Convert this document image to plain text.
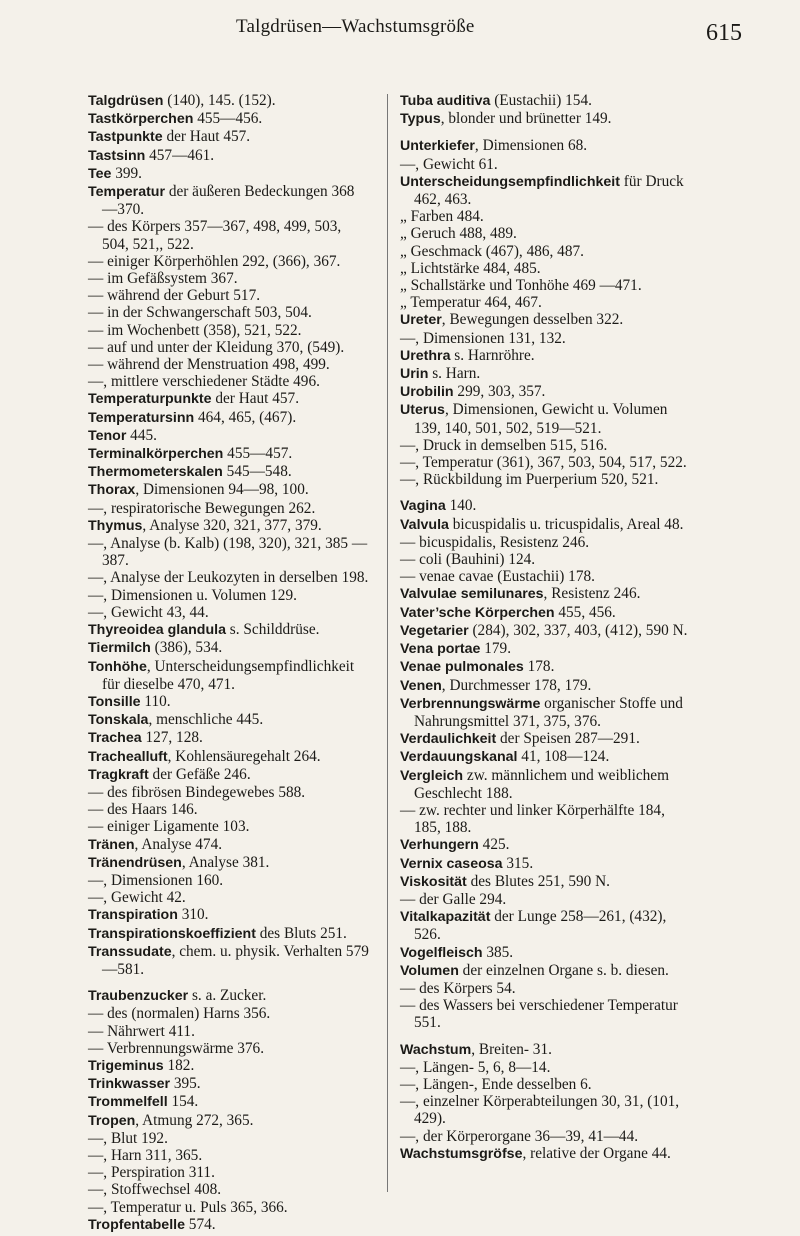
Talgdrüsen—Wachstumsgröße	615
Talgdrüsen (140), 145. (152).
Tastkörperchen 455—456.
Tastpunkte der Haut 457.
Tastsinn 457—461.
Tee 399.
Temperatur der äußeren Bedeckungen 368 —370.
— des Körpers 357—367, 498, 499, 503, 504, 521,, 522.
— einiger Körperhöhlen 292, (366), 367.
— im Gefäßsystem 367.
— während der Geburt 517.
— in der Schwangerschaft 503, 504.
— im Wochenbett (358), 521, 522.
— auf und unter der Kleidung 370, (549).
— während der Menstruation 498, 499.
—, mittlere verschiedener Städte 496.
Temperaturpunkte der Haut 457.
Temperatursinn 464, 465, (467).
Tenor 445.
Terminalkörperchen 455—457.
Thermometerskalen 545—548.
Thorax, Dimensionen 94—98, 100.
—, respiratorische Bewegungen 262.
Thymus, Analyse 320, 321, 377, 379.
—, Analyse (b. Kalb) (198, 320), 321, 385 —387.
—, Analyse der Leukozyten in derselben 198.
—, Dimensionen u. Volumen 129.
—, Gewicht 43, 44.
Thyreoidea glandula s. Schilddrüse.
Tiermilch (386), 534.
Tonhöhe, Unterscheidungsempfindlichkeit für dieselbe 470, 471.
Tonsille 110.
Tonskala, menschliche 445.
Trachea 127, 128.
Trachealluft, Kohlensäuregehalt 264.
Tragkraft der Gefäße 246.
— des fibrösen Bindegewebes 588.
— des Haars 146.
— einiger Ligamente 103.
Tränen, Analyse 474.
Tränendrüsen, Analyse 381.
—, Dimensionen 160.
—, Gewicht 42.
Transpiration 310.
Transpirationskoeffizient des Bluts 251.
Transsudate, chem. u. physik. Verhalten 579—581.
Traubenzucker s. a. Zucker.
— des (normalen) Harns 356.
— Nährwert 411.
— Verbrennungswärme 376.
Trigeminus 182.
Trinkwasser 395.
Trommelfell 154.
Tropen, Atmung 272, 365.
—, Blut 192.
—, Harn 311, 365.
—, Perspiration 311.
—, Stoffwechsel 408.
—, Temperatur u. Puls 365, 366.
Tropfentabelle 574.
Tuba auditiva (Eustachii) 154.
Typus, blonder und brünetter 149.
Unterkiefer, Dimensionen 68.
—, Gewicht 61.
Unterscheidungsempfindlichkeit für Druck 462, 463.
„ Farben 484.
„ Geruch 488, 489.
„ Geschmack (467), 486, 487.
„ Lichtstärke 484, 485.
„ Schallstärke und Tonhöhe 469 —471.
„ Temperatur 464, 467.
Ureter, Bewegungen desselben 322.
—, Dimensionen 131, 132.
Urethra s. Harnröhre.
Urin s. Harn.
Urobilin 299, 303, 357.
Uterus, Dimensionen, Gewicht u. Volumen 139, 140, 501, 502, 519—521.
—, Druck in demselben 515, 516.
—, Temperatur (361), 367, 503, 504, 517, 522.
—, Rückbildung im Puerperium 520, 521.
Vagina 140.
Valvula bicuspidalis u. tricuspidalis, Areal 48.
— bicuspidalis, Resistenz 246.
— coli (Bauhini) 124.
— venae cavae (Eustachii) 178.
Valvulae semilunares, Resistenz 246.
Vater’sche Körperchen 455, 456.
Vegetarier (284), 302, 337, 403, (412), 590 N.
Vena portae 179.
Venae pulmonales 178.
Venen, Durchmesser 178, 179.
Verbrennungswärme organischer Stoffe und Nahrungsmittel 371, 375, 376.
Verdaulichkeit der Speisen 287—291.
Verdauungskanal 41, 108—124.
Vergleich zw. männlichem und weiblichem Geschlecht 188.
— zw. rechter und linker Körperhälfte 184, 185, 188.
Verhungern 425.
Vernix caseosa 315.
Viskosität des Blutes 251, 590 N.
— der Galle 294.
Vitalkapazität der Lunge 258—261, (432), 526.
Vogelfleisch 385.
Volumen der einzelnen Organe s. b. diesen.
— des Körpers 54.
— des Wassers bei verschiedener Temperatur 551.
Wachstum, Breiten- 31.
—, Längen- 5, 6, 8—14.
—, Längen-, Ende desselben 6.
—, einzelner Körperabteilungen 30, 31, (101, 429).
—, der Körperorgane 36—39, 41—44.
Wachstumsgröfse, relative der Organe 44.
